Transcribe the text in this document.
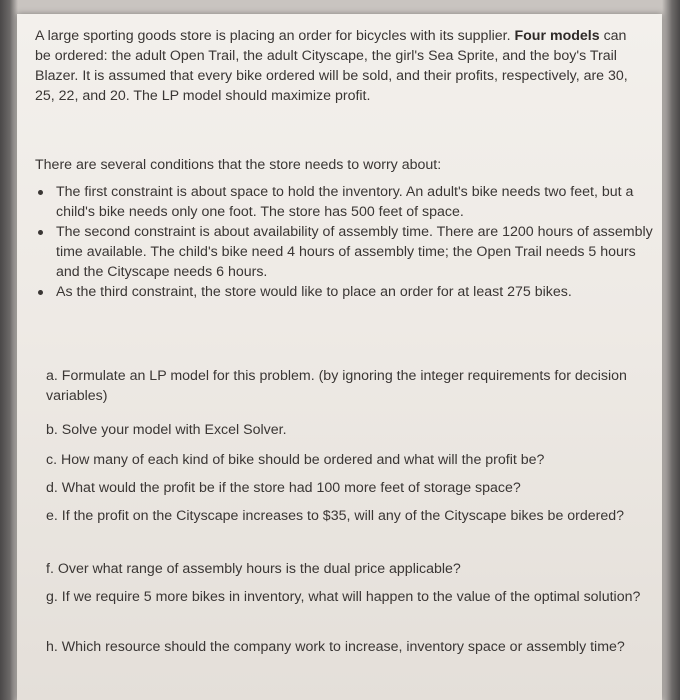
A large sporting goods store is placing an order for bicycles with its supplier. Four models can be ordered: the adult Open Trail, the adult Cityscape, the girl's Sea Sprite, and the boy's Trail Blazer. It is assumed that every bike ordered will be sold, and their profits, respectively, are 30, 25, 22, and 20. The LP model should maximize profit.

There are several conditions that the store needs to worry about:

The first constraint is about space to hold the inventory. An adult's bike needs two feet, but a child's bike needs only one foot. The store has 500 feet of space.
The second constraint is about availability of assembly time. There are 1200 hours of assembly time available. The child's bike need 4 hours of assembly time; the Open Trail needs 5 hours and the Cityscape needs 6 hours.
As the third constraint, the store would like to place an order for at least 275 bikes.

a. Formulate an LP model for this problem. (by ignoring the integer requirements for decision variables)

b. Solve your model with Excel Solver.

c. How many of each kind of bike should be ordered and what will the profit be?

d. What would the profit be if the store had 100 more feet of storage space?

e. If the profit on the Cityscape increases to $35, will any of the Cityscape bikes be ordered?

f. Over what range of assembly hours is the dual price applicable?

g. If we require 5 more bikes in inventory, what will happen to the value of the optimal solution?

h. Which resource should the company work to increase, inventory space or assembly time?
